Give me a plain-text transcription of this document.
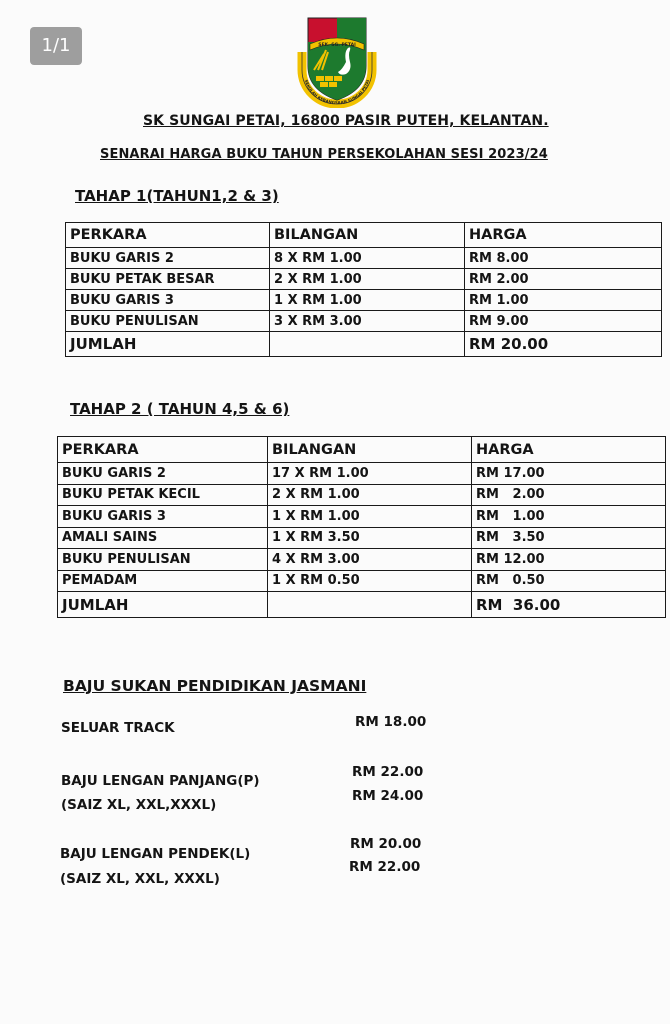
1/1	SEK. SG. PETAI
SEKOLAH KEBANGSAAN SUNGAI PETAI
SK SUNGAI PETAI, 16800 PASIR PUTEH, KELANTAN.
SENARAI HARGA BUKU TAHUN PERSEKOLAHAN SESI 2023/24
TAHAP 1(TAHUN1,2 & 3)
PERKARA	BILANGAN	HARGA
BUKU GARIS 2	8 X RM 1.00	RM 8.00
BUKU PETAK BESAR	2 X RM 1.00	RM 2.00
BUKU GARIS 3	1 X RM 1.00	RM 1.00
BUKU PENULISAN	3 X RM 3.00	RM 9.00
JUMLAH		RM 20.00
TAHAP 2 ( TAHUN 4,5 & 6)
PERKARA	BILANGAN	HARGA
BUKU GARIS 2	17 X RM 1.00	RM 17.00
BUKU PETAK KECIL	2 X RM 1.00	RM   2.00
BUKU GARIS 3	1 X RM 1.00	RM   1.00
AMALI SAINS	1 X RM 3.50	RM   3.50
BUKU PENULISAN	4 X RM 3.00	RM 12.00
PEMADAM	1 X RM 0.50	RM   0.50
JUMLAH		RM  36.00
BAJU SUKAN PENDIDIKAN JASMANI
SELUAR TRACK	RM 18.00
BAJU LENGAN PANJANG(P)
RM 22.00
(SAIZ XL, XXL,XXXL)
RM 24.00
BAJU LENGAN PENDEK(L)
RM 20.00
(SAIZ XL, XXL, XXXL)
RM 22.00
